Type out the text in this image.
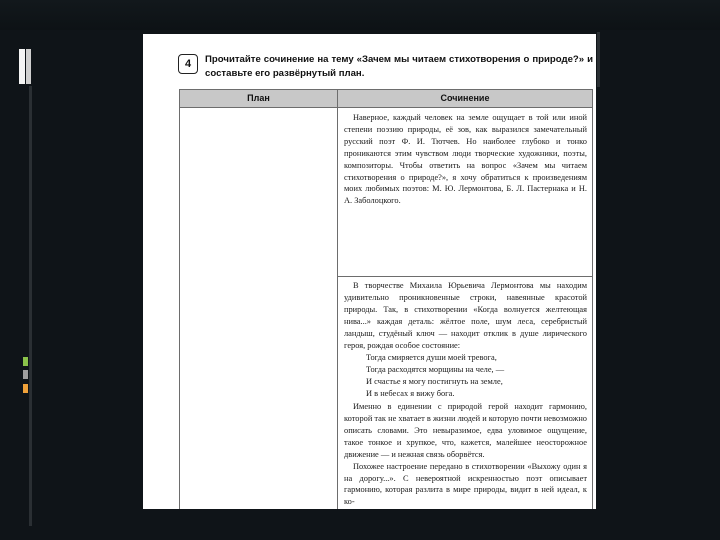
4	Прочитайте сочинение на тему «Зачем мы читаем стихотворения о природе?» и составьте его развёрнутый план.
План	Сочинение

Наверное, каждый человек на земле ощущает в той или иной степени поэзию природы, её зов, как выразился замечательный русский поэт Ф. И. Тютчев. Но наиболее глубоко и тонко проникаются этим чувством люди творческие художники, поэты, композиторы. Чтобы ответить на вопрос «Зачем мы читаем стихотворения о природе?», я хочу обратиться к произведениям моих любимых поэтов: М. Ю. Лермонтова, Б. Л. Пастернака и Н. А. Заболоцкого.

В творчестве Михаила Юрьевича Лермонтова мы находим удивительно проникновенные строки, навеянные красотой природы. Так, в стихотворении «Когда волнуется желтеющая нива...» каждая деталь: жёлтое поле, шум леса, серебристый ландыш, студёный ключ — находит отклик в душе лирического героя, рождая особое состояние:

Тогда смиряется души моей тревога,
Тогда расходятся морщины на челе, —
И счастье я могу постигнуть на земле,
И в небесах я вижу бога.

Именно в единении с природой герой находит гармонию, которой так не хватает в жизни людей и которую почти невозможно описать словами. Это невыразимое, едва уловимое ощущение, такое тонкое и хрупкое, что, кажется, малейшее неосторожное движение — и нежная связь оборвётся.

Похожее настроение передано в стихотворении «Выхожу один я на дорогу...». С невероятной искренностью поэт описывает гармонию, которая разлита в мире природы, видит в ней идеал, к ко-
